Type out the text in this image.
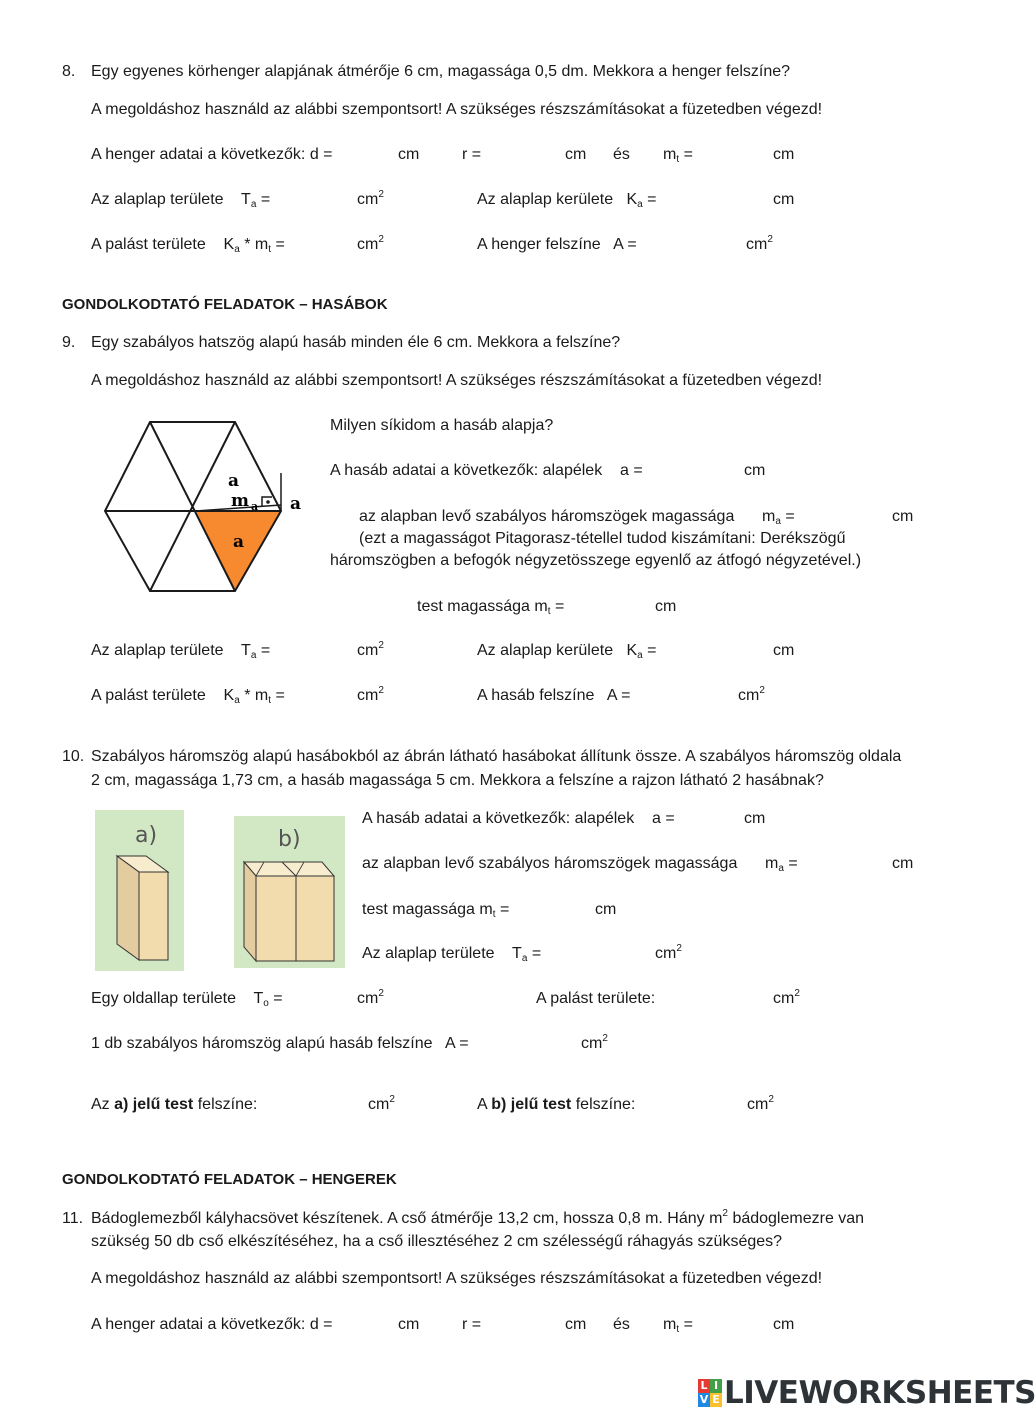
8. Egy egyenes körhenger alapjának átmérője 6 cm, magassága 0,5 dm. Mekkora a henger felszíne?
A megoldáshoz használd az alábbi szempontsort! A szükséges részszámításokat a füzetedben végezd!
A henger adatai a következők: d =	cm	r =	cm és $m_t$ =	cm
Az alaplap területe $T_a$ =	$cm^2$	Az alaplap kerülete $K_a$ =	cm
A palást területe $K_a * m_t$ =	$cm^2$	A henger felszíne A =	$cm^2$
GONDOLKODTATÓ FELADATOK – HASÁBOK
9. Egy szabályos hatszög alapú hasáb minden éle 6 cm. Mekkora a felszíne?
A megoldáshoz használd az alábbi szempontsort! A szükséges részszámításokat a füzetedben végezd!
a
m a a
a
Milyen síkidom a hasáb alapja?
A hasáb adatai a következők: alapélek a =	cm
az alapban levő szabályos háromszögek magassága $m_a$ =	cm
(ezt a magasságot Pitagorasz-tétellel tudod kiszámítani: Derékszögű
háromszögben a befogók négyzetösszege egyenlő az átfogó négyzetével.)
test magassága $m_t$ =	cm
Az alaplap területe $T_a$ =	$cm^2$	Az alaplap kerülete $K_a$ =	cm
A palást területe $K_a * m_t$ =	$cm^2$	A hasáb felszíne A =	$cm^2$
10. Szabályos háromszög alapú hasábokból az ábrán látható hasábokat állítunk össze. A szabályos háromszög oldala
2 cm, magassága 1,73 cm, a hasáb magassága 5 cm. Mekkora a felszíne a rajzon látható 2 hasábnak?
a)	b)
A hasáb adatai a következők: alapélek a =	cm
az alapban levő szabályos háromszögek magassága $m_a$ =	cm
test magassága $m_t$ =	cm
Az alaplap területe $T_a$ =	$cm^2$
Egy oldallap területe $T_o$ =	$cm^2$	A palást területe:	$cm^2$
1 db szabályos háromszög alapú hasáb felszíne A =	$cm^2$
Az a) jelű test felszíne:	$cm^2$	A b) jelű test felszíne:	$cm^2$
GONDOLKODTATÓ FELADATOK – HENGEREK
11. Bádoglemezből kályhacsövet készítenek. A cső átmérője 13,2 cm, hossza 0,8 m. Hány $m^2$ bádoglemezre van
szükség 50 db cső elkészítéséhez, ha a cső illesztéséhez 2 cm szélességű ráhagyás szükséges?
A megoldáshoz használd az alábbi szempontsort! A szükséges részszámításokat a füzetedben végezd!
A henger adatai a következők: d =	cm	r =	cm és $m_t$ =	cm
L I
V E LIVEWORKSHEETS
